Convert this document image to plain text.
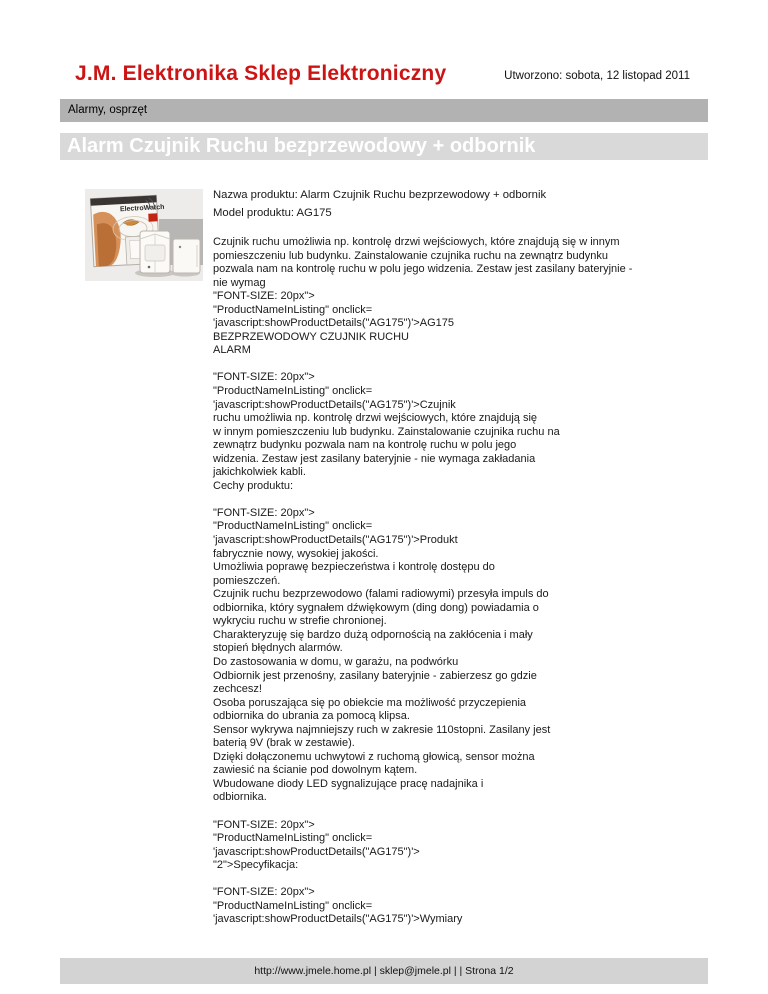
J.M. Elektronika Sklep Elektroniczny	Utworzono: sobota, 12 listopad 2011
Alarmy, osprzęt
Alarm Czujnik Ruchu bezprzewodowy + odbornik
ElectroWatch
Nazwa produktu: Alarm Czujnik Ruchu bezprzewodowy + odbornik
Model produktu: AG175
Czujnik ruchu umożliwia np. kontrolę drzwi wejściowych, które znajdują się w innym
pomieszczeniu lub budynku. Zainstalowanie czujnika ruchu na zewnątrz budynku
pozwala nam na kontrolę ruchu w polu jego widzenia. Zestaw jest zasilany bateryjnie -
nie wymag
"FONT-SIZE: 20px">
"ProductNameInListing" onclick=
'javascript:showProductDetails("AG175")'>AG175
BEZPRZEWODOWY CZUJNIK RUCHU
ALARM
"FONT-SIZE: 20px">
"ProductNameInListing" onclick=
'javascript:showProductDetails("AG175")'>Czujnik
ruchu umożliwia np. kontrolę drzwi wejściowych, które znajdują się
w innym pomieszczeniu lub budynku. Zainstalowanie czujnika ruchu na
zewnątrz budynku pozwala nam na kontrolę ruchu w polu jego
widzenia. Zestaw jest zasilany bateryjnie - nie wymaga zakładania
jakichkolwiek kabli.
Cechy produktu:
"FONT-SIZE: 20px">
"ProductNameInListing" onclick=
'javascript:showProductDetails("AG175")'>Produkt
fabrycznie nowy, wysokiej jakości.
Umożliwia poprawę bezpieczeństwa i kontrolę dostępu do
pomieszczeń.
Czujnik ruchu bezprzewodowo (falami radiowymi) przesyła impuls do
odbiornika, który sygnałem dźwiękowym (ding dong) powiadamia o
wykryciu ruchu w strefie chronionej.
Charakteryzuję się bardzo dużą odpornością na zakłócenia i mały
stopień błędnych alarmów.
Do zastosowania w domu, w garażu, na podwórku
Odbiornik jest przenośny, zasilany bateryjnie - zabierzesz go gdzie
zechcesz!
Osoba poruszająca się po obiekcie ma możliwość przyczepienia
odbiornika do ubrania za pomocą klipsa.
Sensor wykrywa najmniejszy ruch w zakresie 110stopni. Zasilany jest
baterią 9V (brak w zestawie).
Dzięki dołączonemu uchwytowi z ruchomą głowicą, sensor można
zawiesić na ścianie pod dowolnym kątem.
Wbudowane diody LED sygnalizujące pracę nadajnika i
odbiornika.
"FONT-SIZE: 20px">
"ProductNameInListing" onclick=
'javascript:showProductDetails("AG175")'>
"2">Specyfikacja:
"FONT-SIZE: 20px">
"ProductNameInListing" onclick=
'javascript:showProductDetails("AG175")'>Wymiary
http://www.jmele.home.pl | sklep@jmele.pl | | Strona 1/2
